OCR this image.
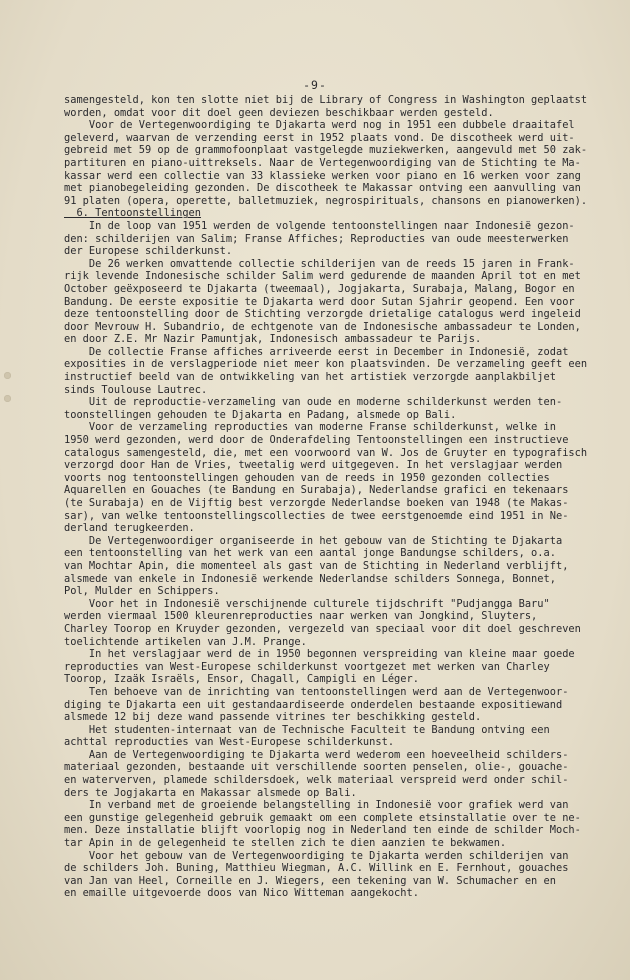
-9-
samengesteld, kon ten slotte niet bij de Library of Congress in Washington geplaatst
worden, omdat voor dit doel geen deviezen beschikbaar werden gesteld.
Voor de Vertegenwoordiging te Djakarta werd nog in 1951 een dubbele draaitafel
geleverd, waarvan de verzending eerst in 1952 plaats vond. De discotheek werd uit-
gebreid met 59 op de grammofoonplaat vastgelegde muziekwerken, aangevuld met 50 zak-
partituren en piano-uittreksels. Naar de Vertegenwoordiging van de Stichting te Ma-
kassar werd een collectie van 33 klassieke werken voor piano en 16 werken voor zang
met pianobegeleiding gezonden. De discotheek te Makassar ontving een aanvulling van
91 platen (opera, operette, balletmuziek, negrospirituals, chansons en pianowerken).
6. Tentoonstellingen
In de loop van 1951 werden de volgende tentoonstellingen naar Indonesië gezon-
den: schilderijen van Salim; Franse Affiches; Reproducties van oude meesterwerken
der Europese schilderkunst.
De 26 werken omvattende collectie schilderijen van de reeds 15 jaren in Frank-
rijk levende Indonesische schilder Salim werd gedurende de maanden April tot en met
October geëxposeerd te Djakarta (tweemaal), Jogjakarta, Surabaja, Malang, Bogor en
Bandung. De eerste expositie te Djakarta werd door Sutan Sjahrir geopend. Een voor
deze tentoonstelling door de Stichting verzorgde drietalige catalogus werd ingeleid
door Mevrouw H. Subandrio, de echtgenote van de Indonesische ambassadeur te Londen,
en door Z.E. Mr Nazir Pamuntjak, Indonesisch ambassadeur te Parijs.
De collectie Franse affiches arriveerde eerst in December in Indonesië, zodat
exposities in de verslagperiode niet meer kon plaatsvinden. De verzameling geeft een
instructief beeld van de ontwikkeling van het artistiek verzorgde aanplakbiljet
sinds Toulouse Lautrec.
Uit de reproductie-verzameling van oude en moderne schilderkunst werden ten-
toonstellingen gehouden te Djakarta en Padang, alsmede op Bali.
Voor de verzameling reproducties van moderne Franse schilderkunst, welke in
1950 werd gezonden, werd door de Onderafdeling Tentoonstellingen een instructieve
catalogus samengesteld, die, met een voorwoord van W. Jos de Gruyter en typografisch
verzorgd door Han de Vries, tweetalig werd uitgegeven. In het verslagjaar werden
voorts nog tentoonstellingen gehouden van de reeds in 1950 gezonden collecties
Aquarellen en Gouaches (te Bandung en Surabaja), Nederlandse grafici en tekenaars
(te Surabaja) en de Vijftig best verzorgde Nederlandse boeken van 1948 (te Makas-
sar), van welke tentoonstellingscollecties de twee eerstgenoemde eind 1951 in Ne-
derland terugkeerden.
De Vertegenwoordiger organiseerde in het gebouw van de Stichting te Djakarta
een tentoonstelling van het werk van een aantal jonge Bandungse schilders, o.a.
van Mochtar Apin, die momenteel als gast van de Stichting in Nederland verblijft,
alsmede van enkele in Indonesië werkende Nederlandse schilders Sonnega, Bonnet,
Pol, Mulder en Schippers.
Voor het in Indonesië verschijnende culturele tijdschrift "Pudjangga Baru"
werden viermaal 1500 kleurenreproducties naar werken van Jongkind, Sluyters,
Charley Toorop en Kruyder gezonden, vergezeld van speciaal voor dit doel geschreven
toelichtende artikelen van J.M. Prange.
In het verslagjaar werd de in 1950 begonnen verspreiding van kleine maar goede
reproducties van West-Europese schilderkunst voortgezet met werken van Charley
Toorop, Izaäk Israëls, Ensor, Chagall, Campigli en Léger.
Ten behoeve van de inrichting van tentoonstellingen werd aan de Vertegenwoor-
diging te Djakarta een uit gestandaardiseerde onderdelen bestaande expositiewand
alsmede 12 bij deze wand passende vitrines ter beschikking gesteld.
Het studenten-internaat van de Technische Faculteit te Bandung ontving een
achttal reproducties van West-Europese schilderkunst.
Aan de Vertegenwoordiging te Djakarta werd wederom een hoeveelheid schilders-
materiaal gezonden, bestaande uit verschillende soorten penselen, olie-, gouache-
en waterverven, plamede schildersdoek, welk materiaal verspreid werd onder schil-
ders te Jogjakarta en Makassar alsmede op Bali.
In verband met de groeiende belangstelling in Indonesië voor grafiek werd van
een gunstige gelegenheid gebruik gemaakt om een complete etsinstallatie over te ne-
men. Deze installatie blijft voorlopig nog in Nederland ten einde de schilder Moch-
tar Apin in de gelegenheid te stellen zich te dien aanzien te bekwamen.
Voor het gebouw van de Vertegenwoordiging te Djakarta werden schilderijen van
de schilders Joh. Buning, Matthieu Wiegman, A.C. Willink en E. Fernhout, gouaches
van Jan van Heel, Corneille en J. Wiegers, een tekening van W. Schumacher en en
en emaille uitgevoerde doos van Nico Witteman aangekocht.
